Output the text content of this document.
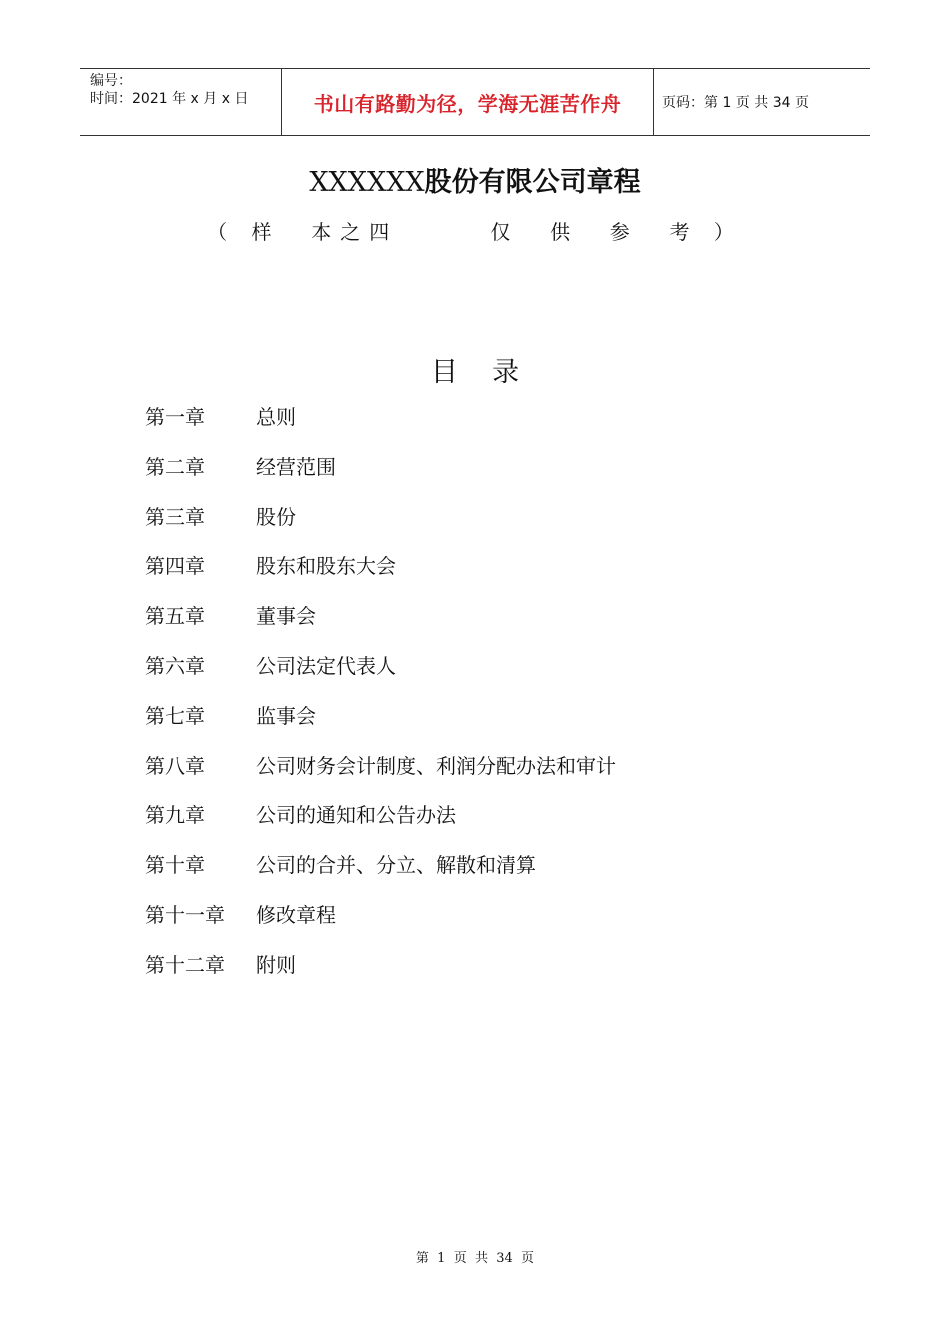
编号：
时间：2021 年 x 月 x 日	书山有路勤为径，学海无涯苦作舟	页码：第 1 页 共 34 页
XXXXXX股份有限公司章程
（ 样  本之四      仅  供  参  考 ）
目    录
第一章	总则
第二章	经营范围
第三章	股份
第四章	股东和股东大会
第五章	董事会
第六章	公司法定代表人
第七章	监事会
第八章	公司财务会计制度、利润分配办法和审计
第九章	公司的通知和公告办法
第十章	公司的合并、分立、解散和清算
第十一章	修改章程
第十二章	附则
第  1  页  共  34  页
